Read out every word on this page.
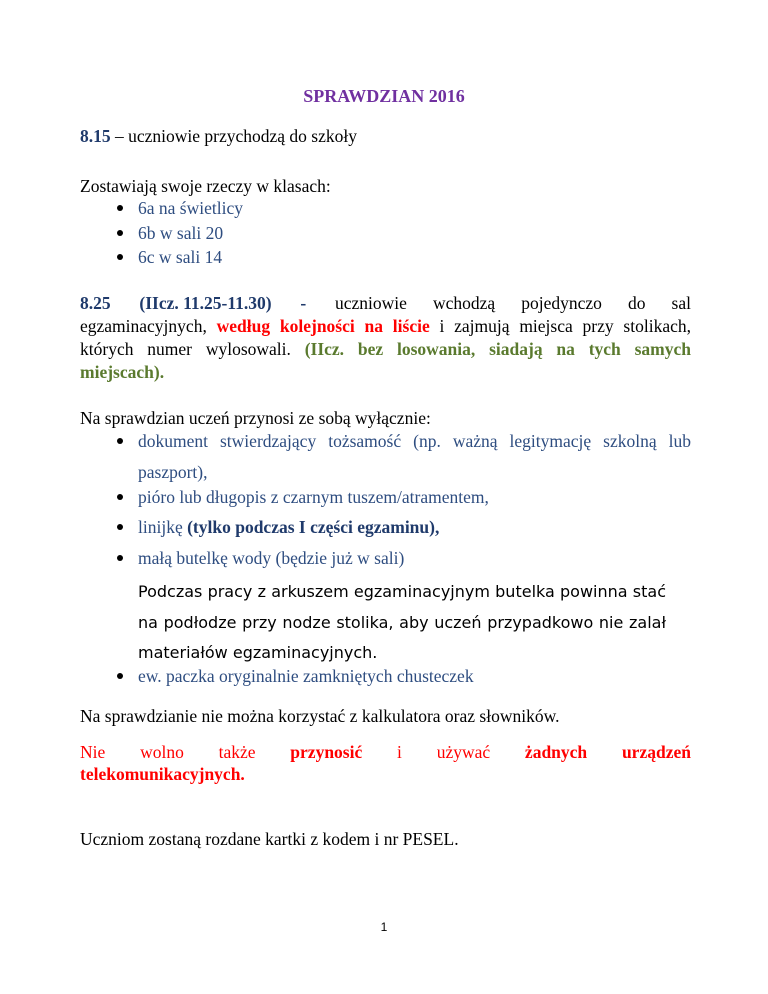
SPRAWDZIAN 2016
8.15 – uczniowie przychodzą do szkoły
Zostawiają swoje rzeczy w klasach:
6a na świetlicy
6b w sali 20
6c w sali 14
8.25 (IIcz. 11.25-11.30) - uczniowie wchodzą pojedynczo do sal
egzaminacyjnych, według kolejności na liście i zajmują miejsca przy stolikach,
których numer wylosowali. (IIcz. bez losowania, siadają na tych samych
miejscach).
Na sprawdzian uczeń przynosi ze sobą wyłącznie:
dokument stwierdzający tożsamość (np. ważną legitymację szkolną lub
paszport),
pióro lub długopis z czarnym tuszem/atramentem,
linijkę (tylko podczas I części egzaminu),
małą butelkę wody (będzie już w sali)
Podczas pracy z arkuszem egzaminacyjnym butelka powinna stać
na podłodze przy nodze stolika, aby uczeń przypadkowo nie zalał
materiałów egzaminacyjnych.
ew. paczka oryginalnie zamkniętych chusteczek
Na sprawdzianie nie można korzystać z kalkulatora oraz słowników.
Nie wolno także przynosić i używać żadnych urządzeń
telekomunikacyjnych.
Uczniom zostaną rozdane kartki z kodem i nr PESEL.
1
